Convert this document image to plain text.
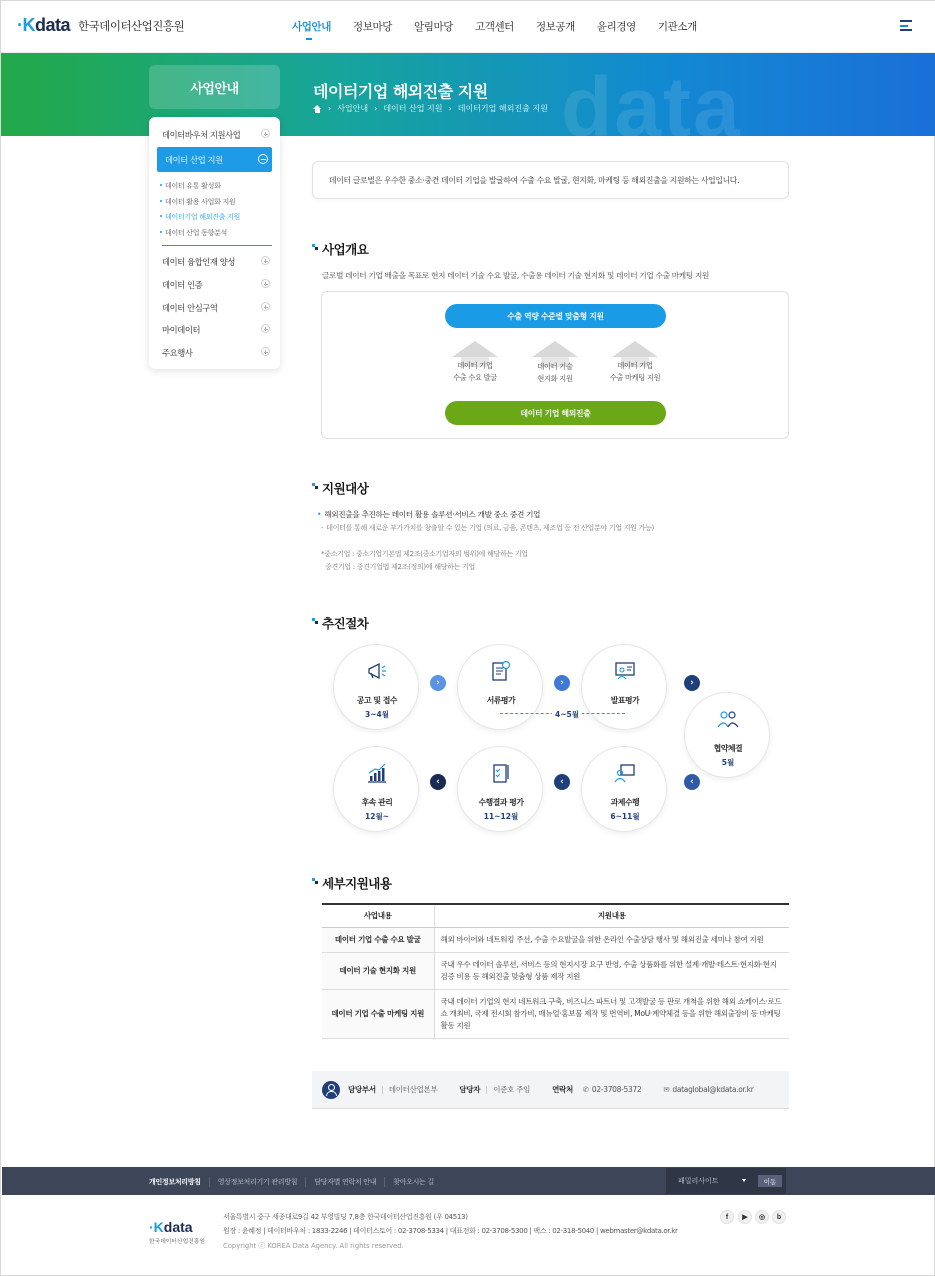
·Kdata 한국데이터산업진흥원	사업안내 정보마당 알림마당 고객센터 정보공개 윤리경영 기관소개
data
데이터기업 해외진출 지원
› 사업안내 › 데이터 산업 지원 › 데이터기업 해외진출 지원
사업안내
데이터바우처 지원사업
데이터 산업 지원
데이터 유통 활성화
데이터 활용 사업화 지원
데이터기업 해외진출 지원
데이터 산업 동향분석
데이터 융합인재 양성
데이터 인증
데이터 안심구역
마이데이터
주요행사
데이터 글로벌은 우수한 중소·중견 데이터 기업을 발굴하여 수출 수요 발굴, 현지화, 마케팅 등 해외진출을 지원하는 사업입니다.
사업개요
글로벌 데이터 기업 배출을 목표로 현지 데이터 기술 수요 발굴, 수출용 데이터 기술 현지화 및 데이터 기업 수출 마케팅 지원
수출 역량 수준별 맞춤형 지원
데이터 기업
수출 수요 발굴
데이터 기술
현지화 지원
데이터 기업
수출 마케팅 지원
데이터 기업 해외진출
지원대상
• 해외진출을 추진하는 데이터 활용 솔루션·서비스 개발 중소 중견 기업
- 데이터를 통해 새로운 부가가치를 창출할 수 있는 기업 (의료, 금융, 콘텐츠, 제조업 등 전 산업분야 기업 지원 가능)
*중소기업 : 중소기업기본법 제2조(중소기업자의 범위)에 해당하는 기업
중견기업 : 중견기업법 제2조(정의)에 해당하는 기업
추진절차
공고 및 접수
3~4월
›
서류평가
›
발표평가
›
4~5월
협약체결
5월
‹
과제수행
6~11월
‹
수행결과 평가
11~12월
‹
후속 관리
12월~
세부지원내용
사업내용	지원내용
데이터 기업 수출 수요 발굴	해외 바이어와 네트워킹 주선, 수출 수요발굴을 위한 온라인 수출상담 행사 및 해외진출 세미나 참여 지원
데이터 기술 현지화 지원	국내 우수 데이터 솔루션, 서비스 등의 현지시장 요구 반영, 수출 상품화를 위한 설계·개발·테스트·현지화·현지검증 비용 등 해외진출 맞춤형 상품 제작 지원
데이터 기업 수출 마케팅 지원	국내 데이터 기업의 현지 네트워크 구축, 비즈니스 파트너 및 고객발굴 등 판로 개척을 위한 해외 쇼케이스·로드쇼 개최비, 국제 전시회 참가비, 매뉴얼·홍보물 제작 및 번역비, MoU·계약체결 등을 위한 해외출장비 등 마케팅 활동 지원
담당부서 데이터산업본부	담당자 이준호 주임	연락처 ✆ 02-3708-5372	✉ dataglobal@kdata.or.kr
개인정보처리방침	영상정보처리기기 관리방침	담당자별 연락처 안내	찾아오시는 길	패밀리사이트	이동
·Kdata
한국데이터산업진흥원
서울특별시 중구 세종대로9길 42 부영빌딩 7,8층 한국데이터산업진흥원 (우 04513)
원장 : 윤혜정 | 데이터바우처 : 1833-2246 | 데이터스토어 : 02-3708-5334 | 대표전화 : 02-3708-5300 | 팩스 : 02-318-5040 | webmaster@kdata.or.kr
Copyright ⓒ KOREA Data Agency. All rights reserved.
f	▶	◎	b
